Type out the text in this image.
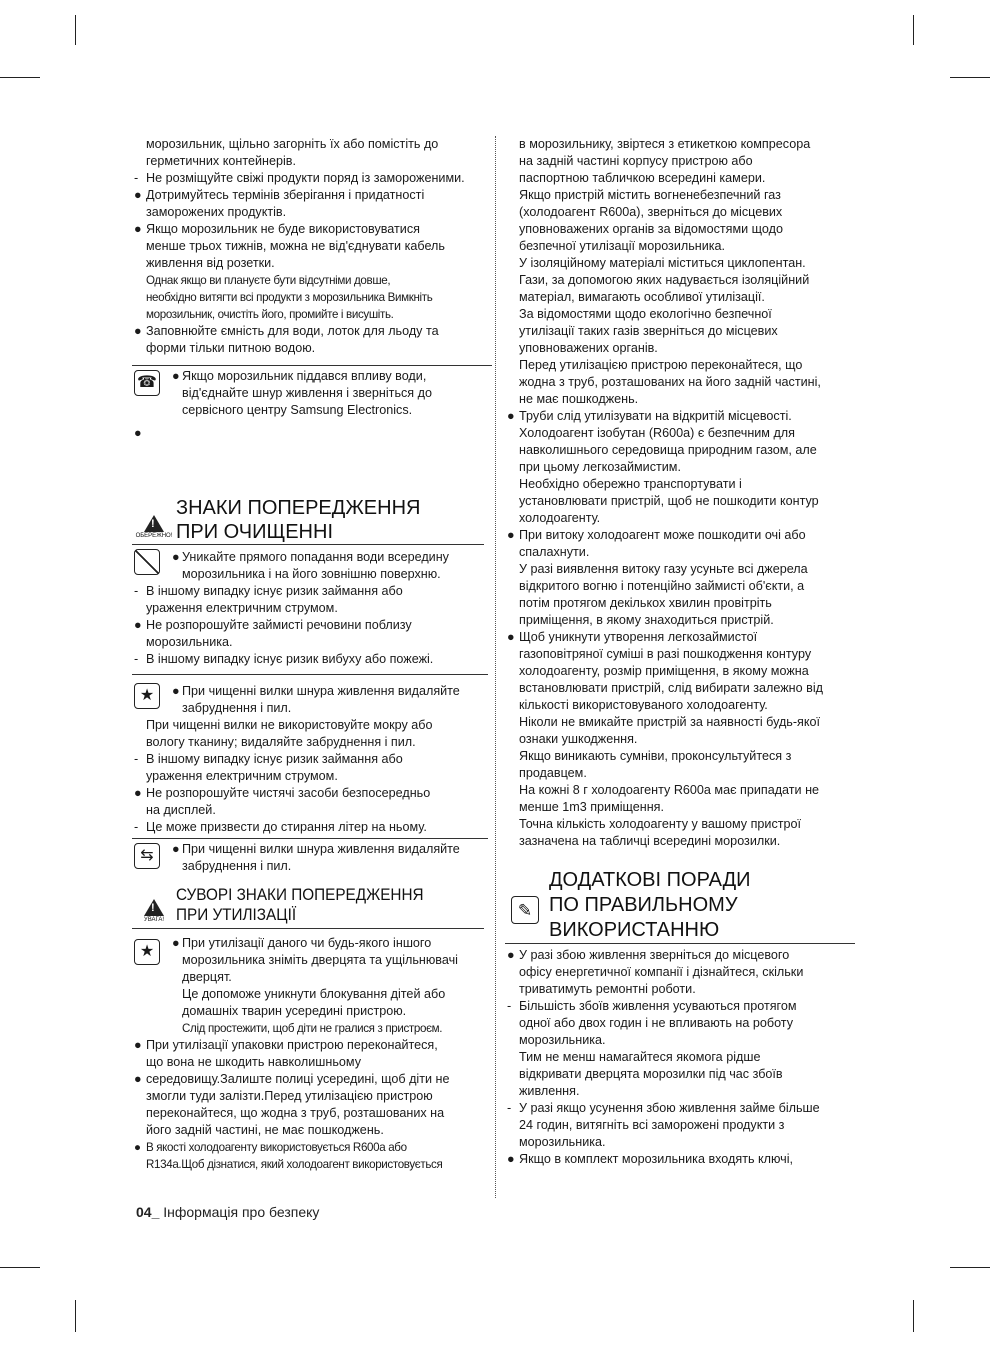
морозильник, щільно загорніть їх або помістіть до
герметичних контейнерів.

- Не розміщуйте свіжі продукти поряд із замороженими.

● Дотримуйтесь термінів зберігання і придатності
заморожених продуктів.

● Якщо морозильник не буде використовуватися
менше трьох тижнів, можна не від'єднувати кабель
живлення від розетки.

Однак якщо ви плануєте бути відсутніми довше,
необхідно витягти всі продукти з морозильника Вимкніть
морозильник, очистіть його, промийте і висушіть.

● Заповнюйте ємність для води, лоток для льоду та
форми тільки питною водою.

☎ ● Якщо морозильник піддався впливу води,
від'єднайте шнур живлення і зверніться до
сервісного центру Samsung Electronics.

●

!
ОБЕРЕЖНО!
ЗНАКИ ПОПЕРЕДЖЕННЯ
ПРИ ОЧИЩЕННІ
● Уникайте прямого попадання води всередину
морозильника і на його зовнішню поверхню.

- В іншому випадку існує ризик займання або
ураження електричним струмом.

● Не розпорошуйте займисті речовини поблизу
морозильника.

- В іншому випадку існує ризик вибуху або пожежі.

★	● При чищенні вилки шнура живлення видаляйте
забруднення і пил.

При чищенні вилки не використовуйте мокру або
вологу тканину; видаляйте забруднення і пил.

- В іншому випадку існує ризик займання або
ураження електричним струмом.

● Не розпорошуйте чистячі засоби безпосередньо
на дисплей.

- Це може призвести до стирання літер на ньому.

⇆	● При чищенні вилки шнура живлення видаляйте
забруднення і пил.
!
УВАГА!
СУВОРІ ЗНАКИ ПОПЕРЕДЖЕННЯ
ПРИ УТИЛІЗАЦІЇ
★	● При утилізації даного чи будь-якого іншого
морозильника зніміть дверцята та ущільнювачі
дверцят.
Це допоможе уникнути блокування дітей або
домашніх тварин усередині пристрою.
Слід простежити, щоб діти не гралися з пристроєм.

● При утилізації упаковки пристрою переконайтеся,
що вона не шкодить навколишньому

● середовищу.Залиште полиці усередині, щоб діти не
змогли туди залізти.Перед утилізацією пристрою
переконайтеся, що жодна з труб, розташованих на
його задній частині, не має пошкоджень.

● В якості холодоагенту використовується R600a або
R134a.Щоб дізнатися, який холодоагент використовується

в морозильнику, звіртеся з етикеткою компресора
на задній частині корпусу пристрою або
паспортною табличкою всередині камери.
Якщо пристрій містить вогненебезпечний газ
(холодоагент R600a), зверніться до місцевих
уповноважених органів за відомостями щодо
безпечної утилізації морозильника.
У ізоляційному матеріалі міститься циклопентан.
Гази, за допомогою яких надувається ізоляційний
матеріал, вимагають особливої утилізації.
За відомостями щодо екологічно безпечної
утилізації таких газів зверніться до місцевих
уповноважених органів.
Перед утилізацією пристрою переконайтеся, що
жодна з труб, розташованих на його задній частині,
не має пошкоджень.

● Труби слід утилізувати на відкритій місцевості.
Холодоагент ізобутан (R600a) є безпечним для
навколишнього середовища природним газом, але
при цьому легкозаймистим.
Необхідно обережно транспортувати і
установлювати пристрій, щоб не пошкодити контур
холодоагенту.

● При витоку холодоагент може пошкодити очі або
спалахнути.
У разі виявлення витоку газу усуньте всі джерела
відкритого вогню і потенційно займисті об'єкти, а
потім протягом декількох хвилин провітріть
приміщення, в якому знаходиться пристрій.

● Щоб уникнути утворення легкозаймистої
газоповітряної суміші в разі пошкодження контуру
холодоагенту, розмір приміщення, в якому можна
встановлювати пристрій, слід вибирати залежно від
кількості використовуваного холодоагенту.
Ніколи не вмикайте пристрій за наявності будь-якої
ознаки ушкодження.
Якщо виникають сумніви, проконсультуйтеся з
продавцем.
На кожні 8 г холодоагенту R600a має припадати не
менше 1m3 приміщення.
Точна кількість холодоагенту у вашому пристрої
зазначена на табличці всередині морозилки.

✎
ДОДАТКОВІ ПОРАДИ
ПО ПРАВИЛЬНОМУ
ВИКОРИСТАННЮ

● У разі збою живлення зверніться до місцевого
офісу енергетичної компанії і дізнайтеся, скільки
триватимуть ремонтні роботи.

- Більшість збоїв живлення усуваються протягом
одної або двох годин і не впливають на роботу
морозильника.
Тим не менш намагайтеся якомога рідше
відкривати дверцята морозилки під час збоїв
живлення.

- У разі якщо усунення збою живлення займе більше
24 годин, витягніть всі заморожені продукти з
морозильника.

● Якщо в комплект морозильника входять ключі,

04_ Інформація про безпеку
